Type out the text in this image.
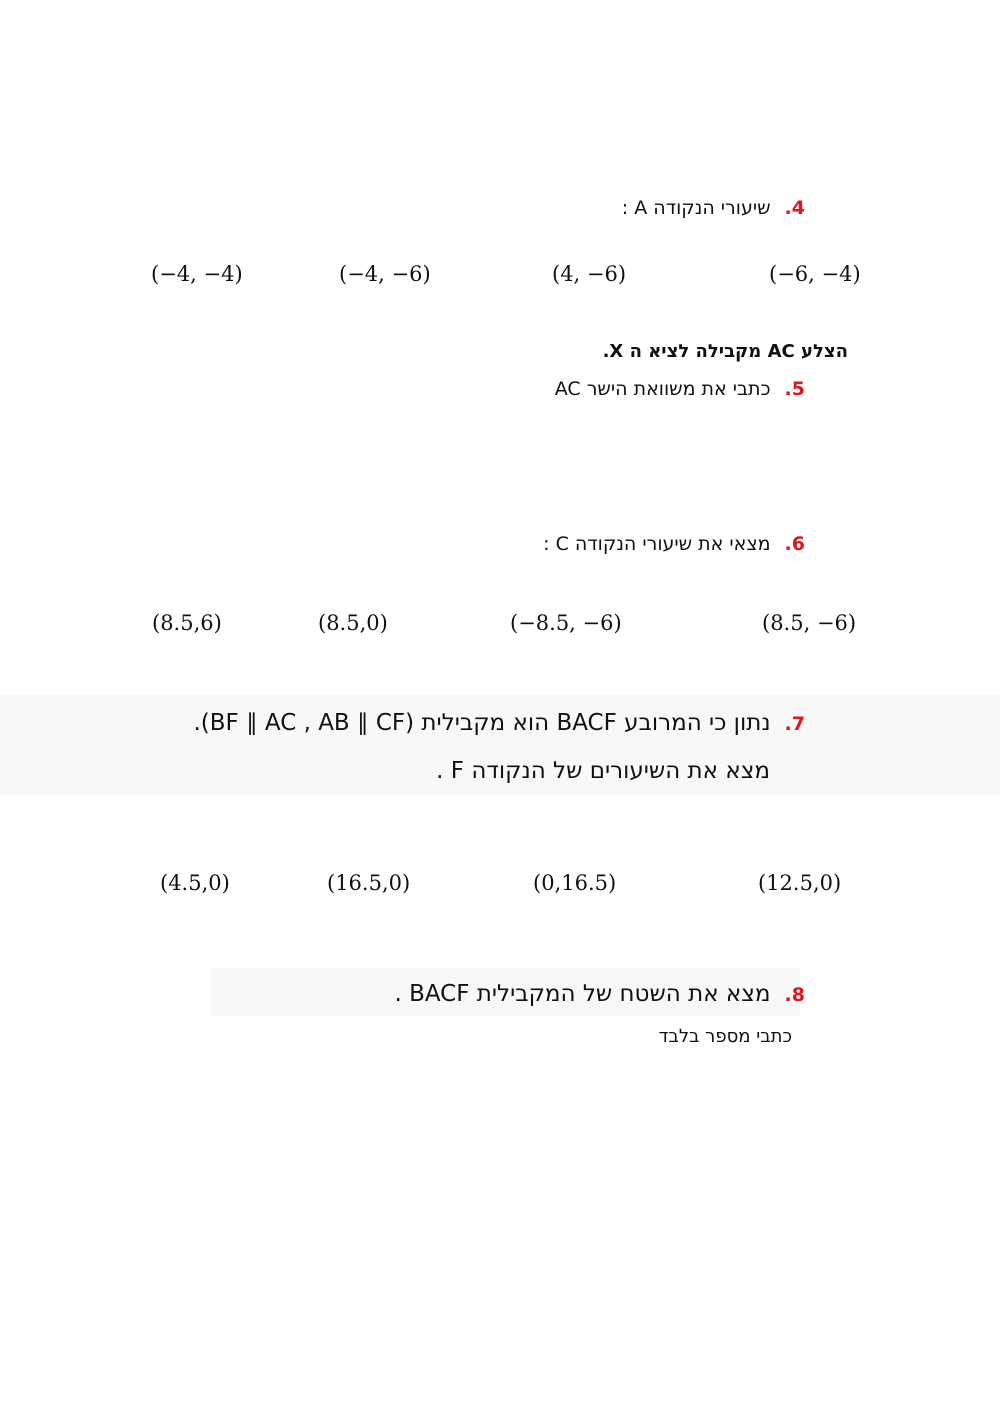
4.שיעורי הנקודה A :
(−4, −4)	(−4, −6)	(4, −6)	(−6, −4)
הצלע AC מקבילה לציא ה X.
5.כתבי את משוואת הישר AC
6.מצאי את שיעורי הנקודה C :
(8.5,6)	(8.5,0)	(−8.5, −6)	(8.5, −6)
7.נתון כי המרובע BACF הוא מקבילית (BF ∥ AC , AB ∥ CF).
מצא את השיעורים של הנקודה F .
(4.5,0)	(16.5,0)	(0,16.5)	(12.5,0)
8.מצא את השטח של המקבילית BACF .
כתבי מספר בלבד
